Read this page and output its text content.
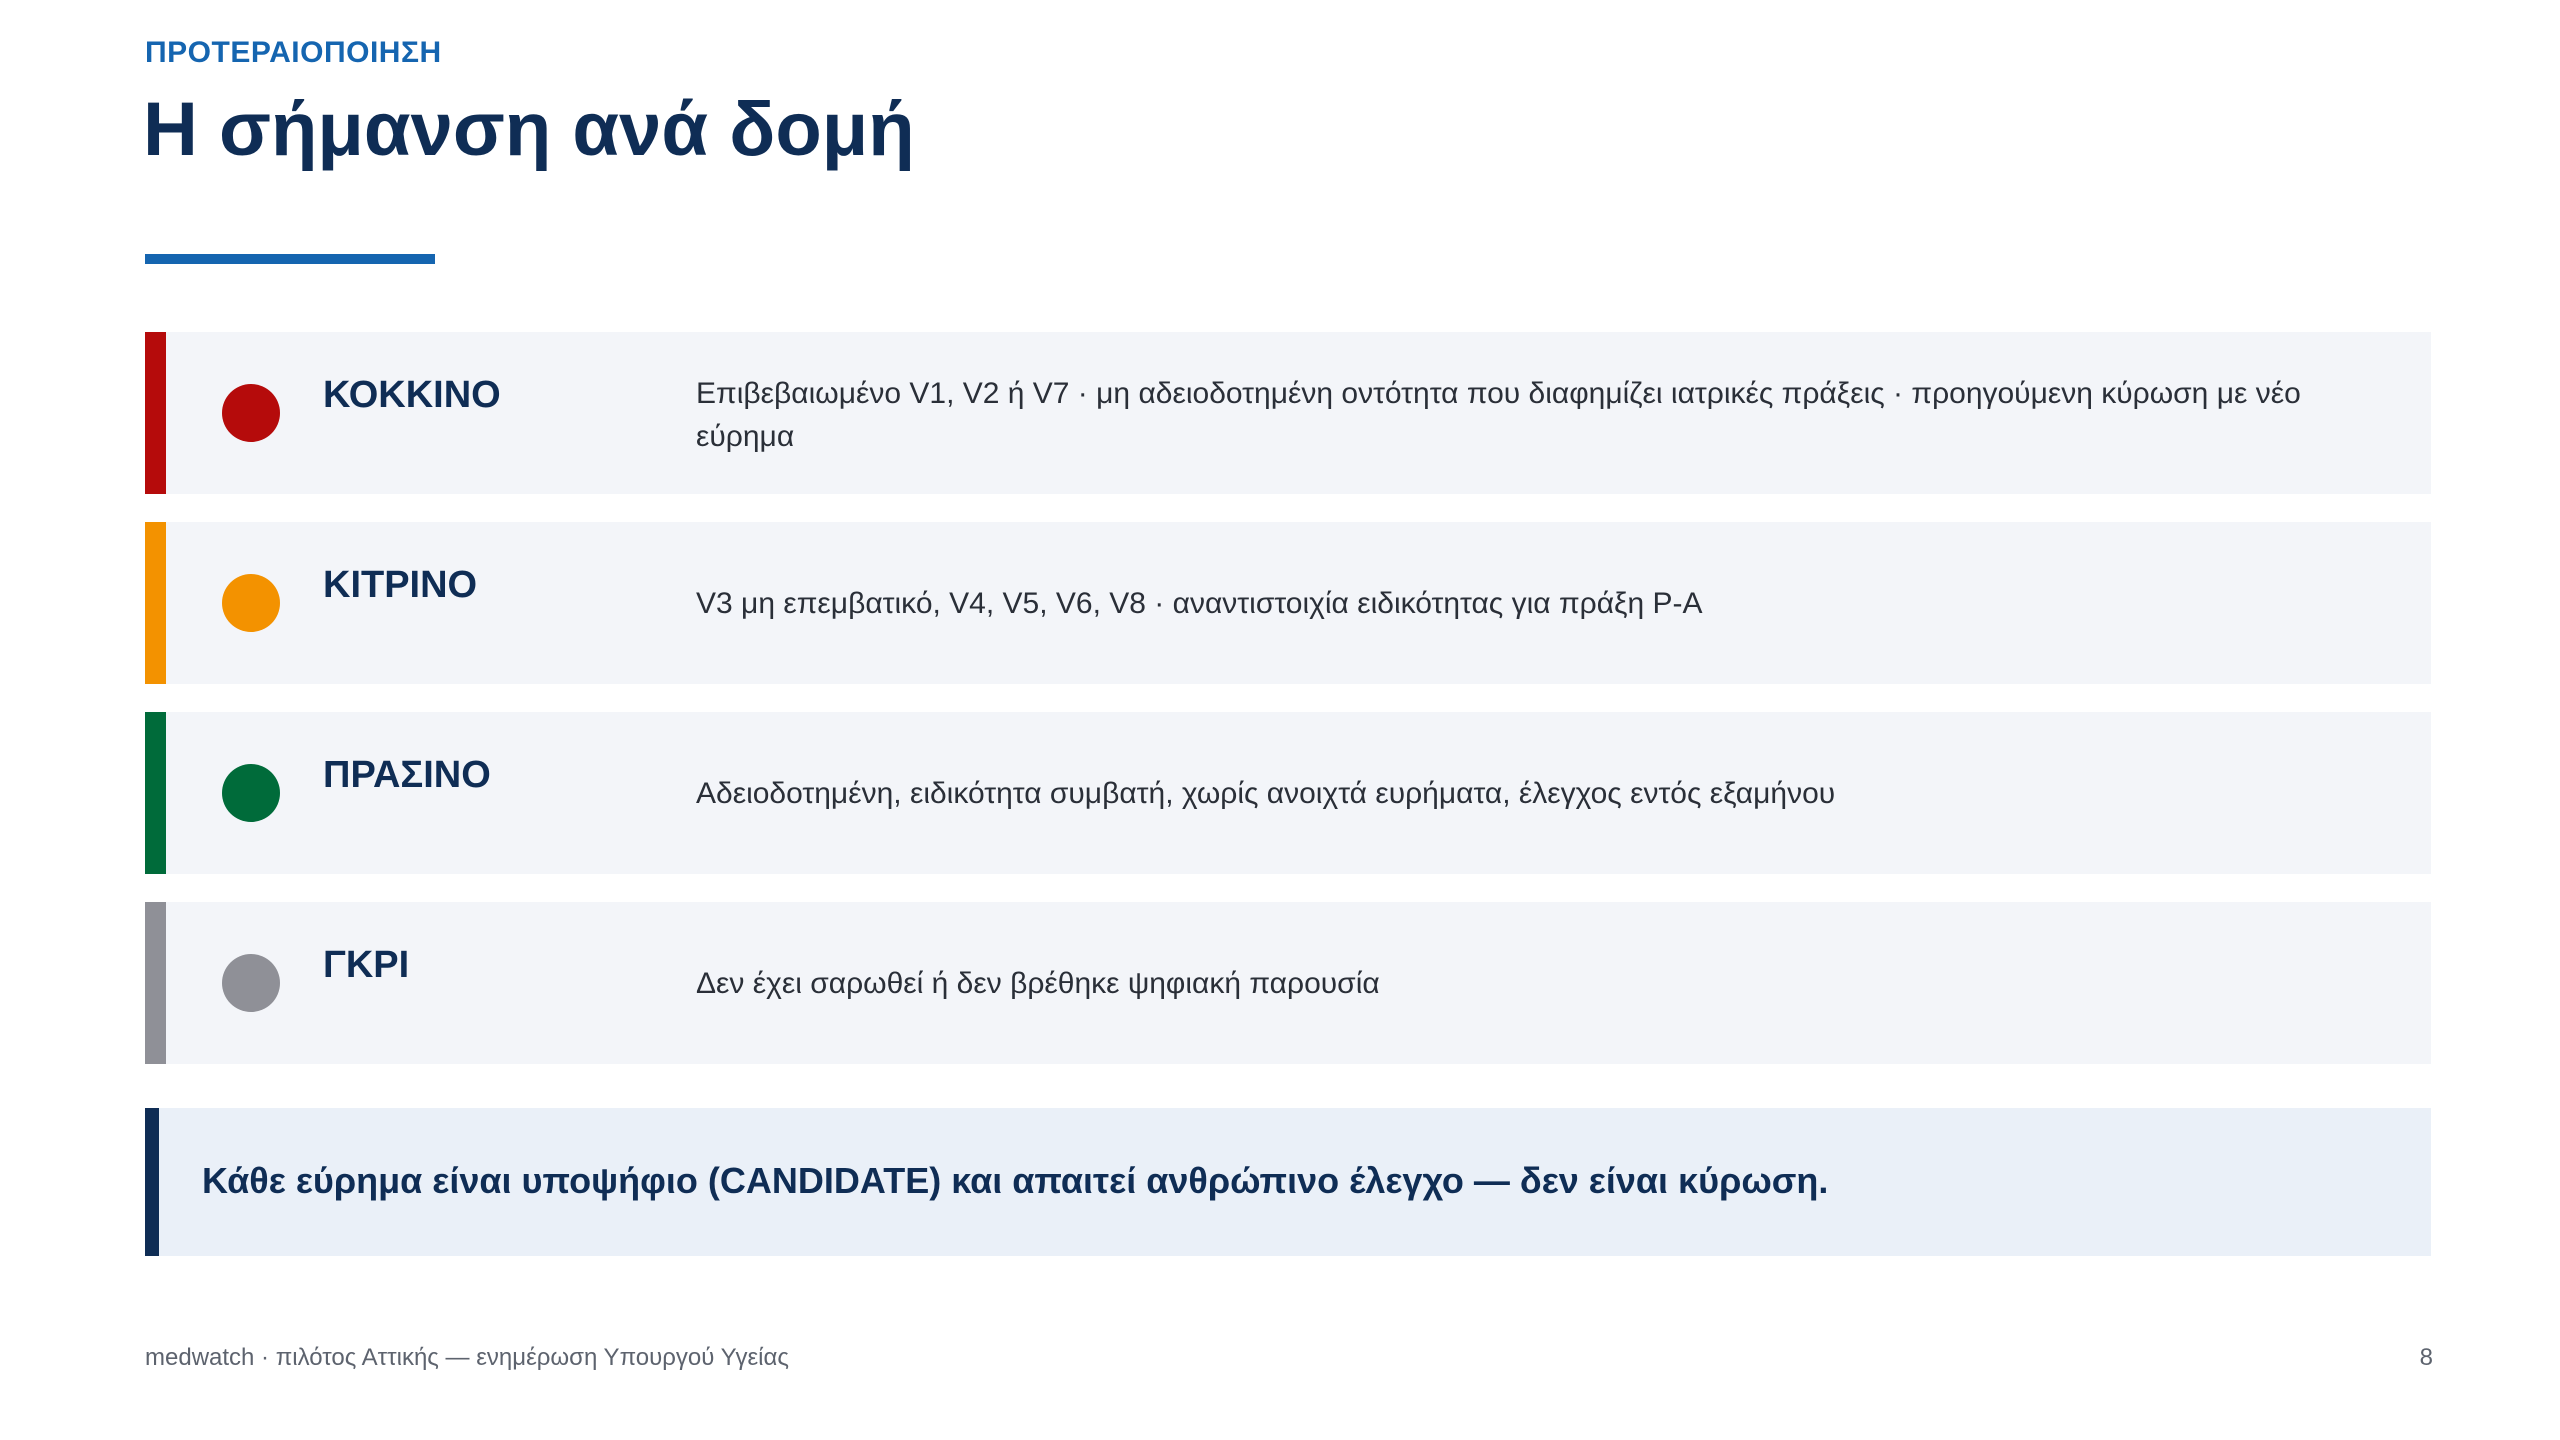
ΠΡΟΤΕΡΑΙΟΠΟΙΗΣΗ
Η σήμανση ανά δομή
ΚΟΚΚΙΝΟ	Επιβεβαιωμένο V1, V2 ή V7 · μη αδειοδοτημένη οντότητα που διαφημίζει ιατρικές πράξεις · προηγούμενη κύρωση με νέο εύρημα
ΚΙΤΡΙΝΟ	V3 μη επεμβατικό, V4, V5, V6, V8 · αναντιστοιχία ειδικότητας για πράξη Ρ-Α
ΠΡΑΣΙΝΟ	Αδειοδοτημένη, ειδικότητα συμβατή, χωρίς ανοιχτά ευρήματα, έλεγχος εντός εξαμήνου
ΓΚΡΙ	Δεν έχει σαρωθεί ή δεν βρέθηκε ψηφιακή παρουσία
Κάθε εύρημα είναι υποψήφιο (CANDIDATE) και απαιτεί ανθρώπινο έλεγχο — δεν είναι κύρωση.
medwatch · πιλότος Αττικής — ενημέρωση Υπουργού Υγείας	8
